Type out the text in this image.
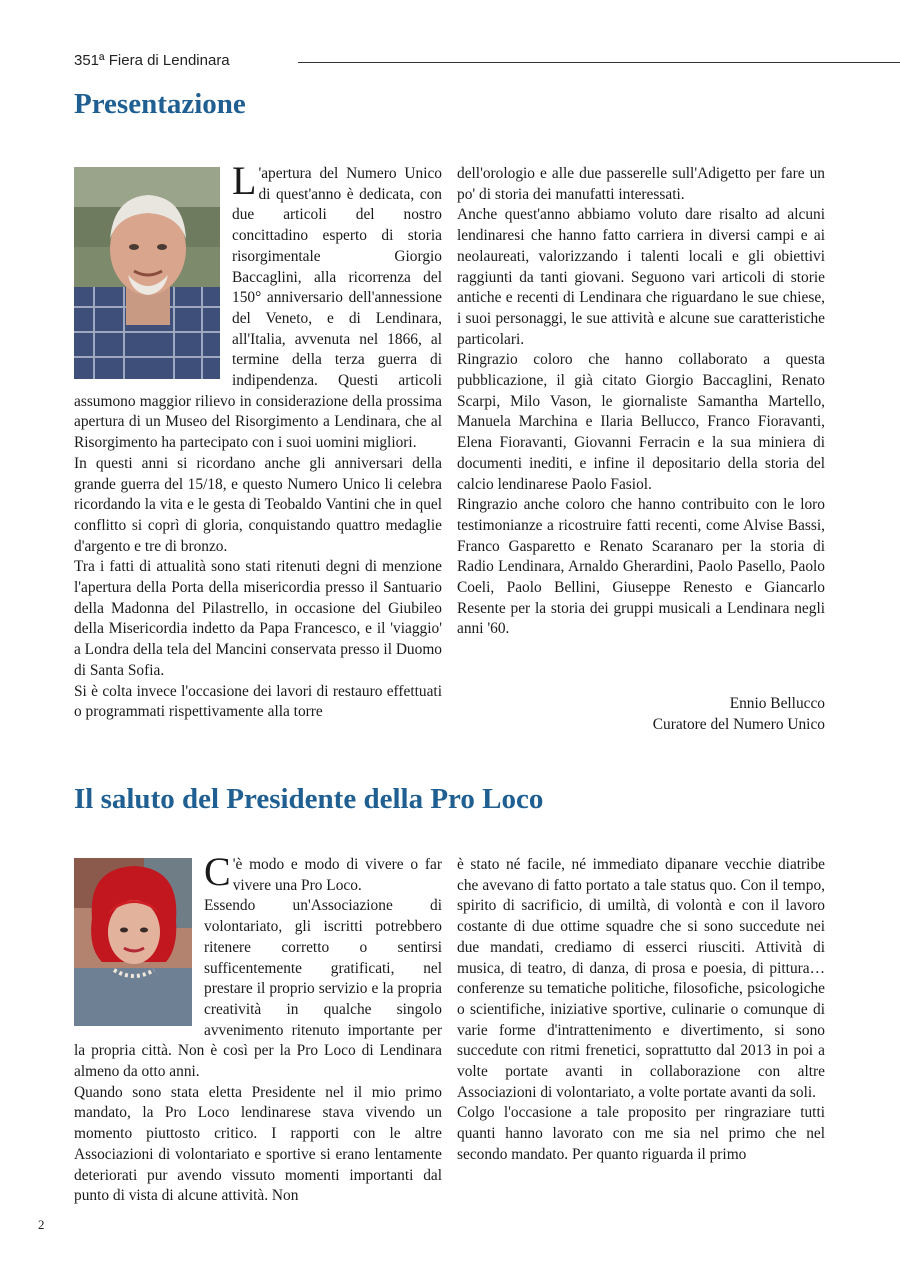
351ª Fiera di Lendinara
Presentazione
L 'apertura del Numero Unico di quest'anno è dedicata, con due articoli del nostro concittadino esperto di storia risorgimentale Giorgio Baccaglini, alla ricorrenza del 150° anniversario dell'annessione del Veneto, e di Lendinara, all'Italia, avvenuta nel 1866, al termine della terza guerra di indipendenza. Questi articoli assumono maggior rilievo in considerazione della prossima apertura di un Museo del Risorgimento a Lendinara, che al Risorgimento ha partecipato con i suoi uomini migliori.

In questi anni si ricordano anche gli anniversari della grande guerra del 15/18, e questo Numero Unico li celebra ricordando la vita e le gesta di Teobaldo Vantini che in quel conflitto si coprì di gloria, conquistando quattro medaglie d'argento e tre di bronzo.

Tra i fatti di attualità sono stati ritenuti degni di menzione l'apertura della Porta della misericordia presso il Santuario della Madonna del Pilastrello, in occasione del Giubileo della Misericordia indetto da Papa Francesco, e il 'viaggio' a Londra della tela del Mancini conservata presso il Duomo di Santa Sofia.

Si è colta invece l'occasione dei lavori di restauro effettuati o programmati rispettivamente alla torre

dell'orologio e alle due passerelle sull'Adigetto per fare un po' di storia dei manufatti interessati.

Anche quest'anno abbiamo voluto dare risalto ad alcuni lendinaresi che hanno fatto carriera in diversi campi e ai neolaureati, valorizzando i talenti locali e gli obiettivi raggiunti da tanti giovani. Seguono vari articoli di storie antiche e recenti di Lendinara che riguardano le sue chiese, i suoi personaggi, le sue attività e alcune sue caratteristiche particolari.

Ringrazio coloro che hanno collaborato a questa pubblicazione, il già citato Giorgio Baccaglini, Renato Scarpi, Milo Vason, le giornaliste Samantha Martello, Manuela Marchina e Ilaria Bellucco, Franco Fioravanti, Elena Fioravanti, Giovanni Ferracin e la sua miniera di documenti inediti, e infine il depositario della storia del calcio lendinarese Paolo Fasiol.

Ringrazio anche coloro che hanno contribuito con le loro testimonianze a ricostruire fatti recenti, come Alvise Bassi, Franco Gasparetto e Renato Scaranaro per la storia di Radio Lendinara, Arnaldo Gherardini, Paolo Pasello, Paolo Coeli, Paolo Bellini, Giuseppe Renesto e Giancarlo Resente per la storia dei gruppi musicali a Lendinara negli anni '60.

Ennio Bellucco
Curatore del Numero Unico
Il saluto del Presidente della Pro Loco
C 'è modo e modo di vivere o far vivere una Pro Loco.

Essendo un'Associazione di volontariato, gli iscritti potrebbero ritenere corretto o sentirsi sufficentemente gratificati, nel prestare il proprio servizio e la propria creatività in qualche singolo avvenimento ritenuto importante per la propria città. Non è così per la Pro Loco di Lendinara almeno da otto anni.

Quando sono stata eletta Presidente nel il mio primo mandato, la Pro Loco lendinarese stava vivendo un momento piuttosto critico. I rapporti con le altre Associazioni di volontariato e sportive si erano lentamente deteriorati pur avendo vissuto momenti importanti dal punto di vista di alcune attività. Non

è stato né facile, né immediato dipanare vecchie diatribe che avevano di fatto portato a tale status quo. Con il tempo, spirito di sacrificio, di umiltà, di volontà e con il lavoro costante di due ottime squadre che si sono succedute nei due mandati, crediamo di esserci riusciti. Attività di musica, di teatro, di danza, di prosa e poesia, di pittura… conferenze su tematiche politiche, filosofiche, psicologiche o scientifiche, iniziative sportive, culinarie o comunque di varie forme d'intrattenimento e divertimento, si sono succedute con ritmi frenetici, soprattutto dal 2013 in poi a volte portate avanti in collaborazione con altre Associazioni di volontariato, a volte portate avanti da soli.

Colgo l'occasione a tale proposito per ringraziare tutti quanti hanno lavorato con me sia nel primo che nel secondo mandato. Per quanto riguarda il primo

2
